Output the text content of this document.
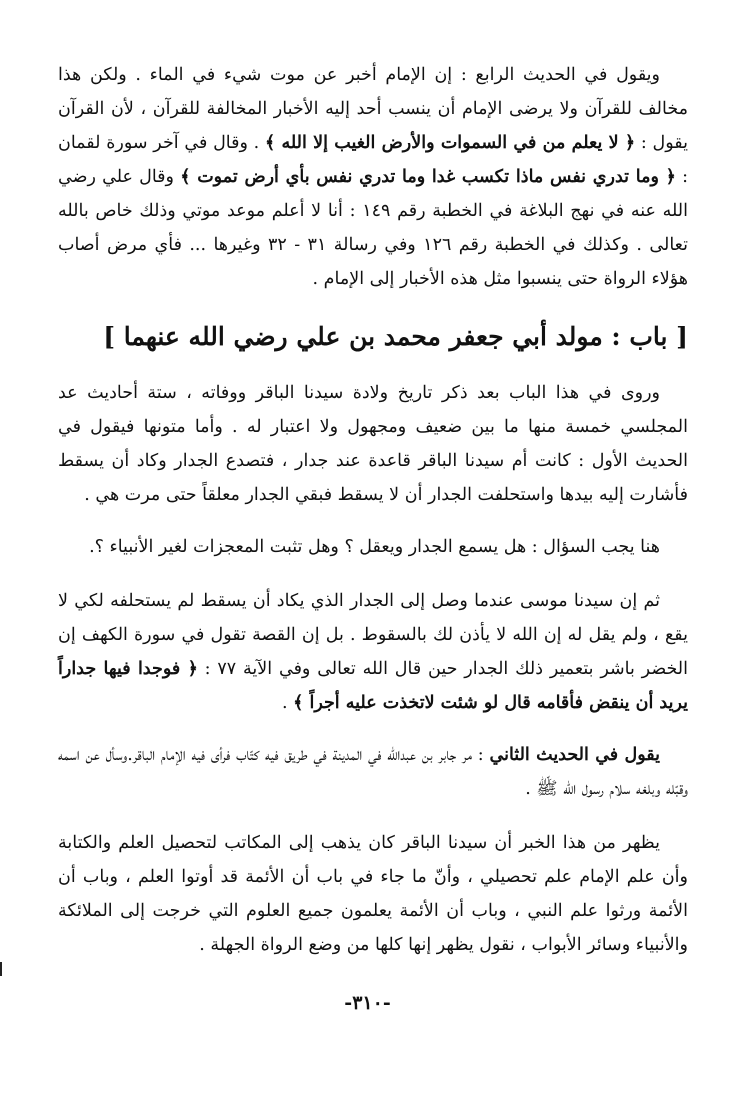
ويقول في الحديث الرابع : إن الإمام أخبر عن موت شيء في الماء . ولكن هذا مخالف للقرآن ولا يرضى الإمام أن ينسب أحد إليه الأخبار المخالفة للقرآن ، لأن القرآن يقول : ﴿ لا يعلم من في السموات والأرض الغيب إلا الله ﴾ . وقال في آخر سورة لقمان : ﴿ وما تدري نفس ماذا تكسب غدا وما تدري نفس بأي أرض تموت ﴾ وقال علي رضي الله عنه في نهج البلاغة في الخطبة رقم ١٤٩ : أنا لا أعلم موعد موتي وذلك خاص بالله تعالى . وكذلك في الخطبة رقم ١٢٦ وفي رسالة ٣١ - ٣٢ وغيرها ... فأي مرض أصاب هؤلاء الرواة حتى ينسبوا مثل هذه الأخبار إلى الإمام .

[ باب : مولد أبي جعفر محمد بن علي رضي الله عنهما ]

وروى في هذا الباب بعد ذكر تاريخ ولادة سيدنا الباقر ووفاته ، ستة أحاديث عد المجلسي خمسة منها ما بين ضعيف ومجهول ولا اعتبار له . وأما متونها فيقول في الحديث الأول : كانت أم سيدنا الباقر قاعدة عند جدار ، فتصدع الجدار وكاد أن يسقط فأشارت إليه بيدها واستحلفت الجدار أن لا يسقط فبقي الجدار معلقاً حتى مرت هي .

هنا يجب السؤال : هل يسمع الجدار ويعقل ؟ وهل تثبت المعجزات لغير الأنبياء ؟.

ثم إن سيدنا موسى عندما وصل إلى الجدار الذي يكاد أن يسقط لم يستحلفه لكي لا يقع ، ولم يقل له إن الله لا يأذن لك بالسقوط . بل إن القصة تقول في سورة الكهف إن الخضر باشر بتعمير ذلك الجدار حين قال الله تعالى وفي الآية ٧٧ : ﴿ فوجدا فيها جداراً يريد أن ينقض فأقامه قال لو شئت لاتخذت عليه أجراً ﴾ .

يقول في الحديث الثاني : مر جابر بن عبدالله في المدينة في طريق فيه كتّاب فرأى فيه الإمام الباقر.وسأل عن اسمه وقبّله وبلغه سلام رسول الله ﷺ .

يظهر من هذا الخبر أن سيدنا الباقر كان يذهب إلى المكاتب لتحصيل العلم والكتابة وأن علم الإمام علم تحصيلي ، وأنّ ما جاء في باب أن الأئمة قد أوتوا العلم ، وباب أن الأئمة ورثوا علم النبي ، وباب أن الأئمة يعلمون جميع العلوم التي خرجت إلى الملائكة والأنبياء وسائر الأبواب ، نقول يظهر إنها كلها من وضع الرواة الجهلة .

-٣١٠-
